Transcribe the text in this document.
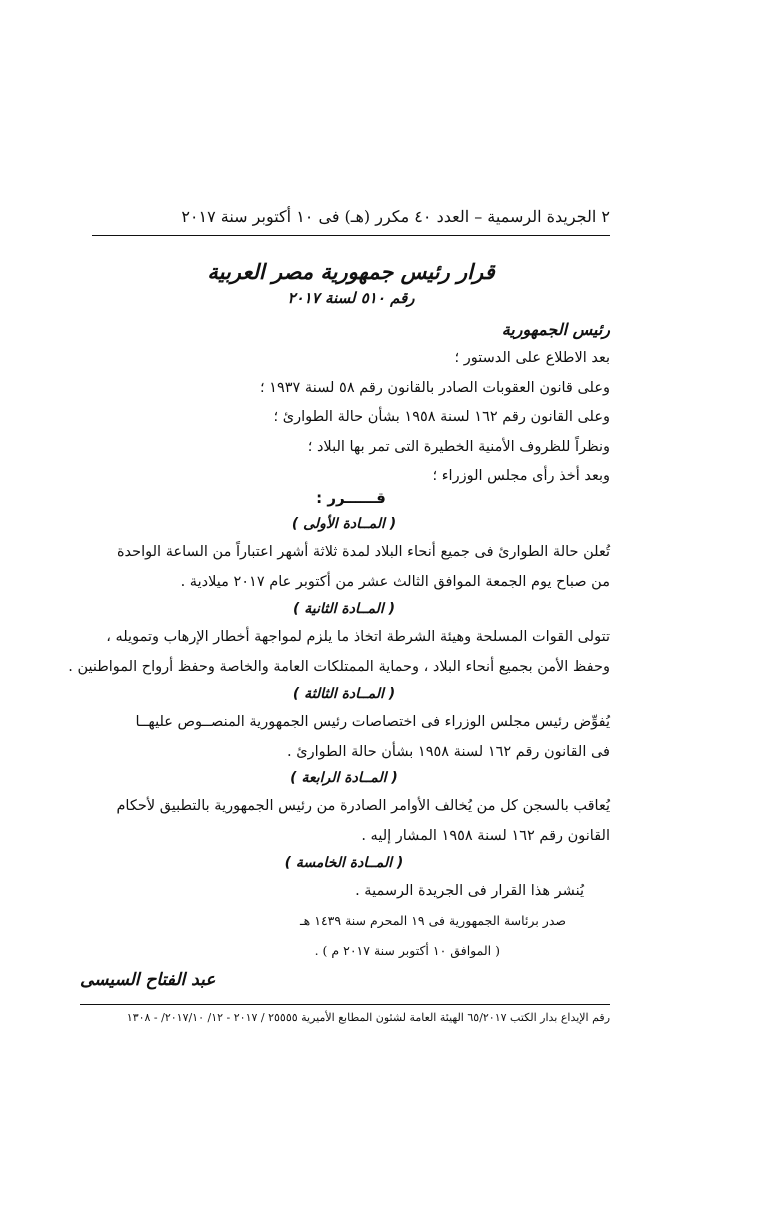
٢ الجريدة الرسمية – العدد ٤٠ مكرر (هـ) فى ١٠ أكتوبر سنة ٢٠١٧
قرار رئيس جمهورية مصر العربية
رقم ٥١٠ لسنة ٢٠١٧
رئيس الجمهورية
بعد الاطلاع على الدستور ؛
وعلى قانون العقوبات الصادر بالقانون رقم ٥٨ لسنة ١٩٣٧ ؛
وعلى القانون رقم ١٦٢ لسنة ١٩٥٨ بشأن حالة الطوارئ ؛
ونظراً للظروف الأمنية الخطيرة التى تمر بها البلاد ؛
وبعد أخذ رأى مجلس الوزراء ؛
قــــــرر :
( المــادة الأولى )
تُعلن حالة الطوارئ فى جميع أنحاء البلاد لمدة ثلاثة أشهر اعتباراً من الساعة الواحدة
من صباح يوم الجمعة الموافق الثالث عشر من أكتوبر عام ٢٠١٧ ميلادية .
( المــادة الثانية )
تتولى القوات المسلحة وهيئة الشرطة اتخاذ ما يلزم لمواجهة أخطار الإرهاب وتمويله ،
وحفظ الأمن بجميع أنحاء البلاد ، وحماية الممتلكات العامة والخاصة وحفظ أرواح المواطنين .
( المــادة الثالثة )
يُفوِّض رئيس مجلس الوزراء فى اختصاصات رئيس الجمهورية المنصــوص عليهــا
فى القانون رقم ١٦٢ لسنة ١٩٥٨ بشأن حالة الطوارئ .
( المــادة الرابعة )
يُعاقب بالسجن كل من يُخالف الأوامر الصادرة من رئيس الجمهورية بالتطبيق لأحكام
القانون رقم ١٦٢ لسنة ١٩٥٨ المشار إليه .
( المــادة الخامسة )
يُنشر هذا القرار فى الجريدة الرسمية .
صدر برئاسة الجمهورية فى ١٩ المحرم سنة ١٤٣٩ هـ
( الموافق ١٠ أكتوبر سنة ٢٠١٧ م ) .
عبد الفتاح السيسى
رقم الإيداع بدار الكتب ٦٥/٢٠١٧ الهيئة العامة لشئون المطابع الأميرية ٢٥٥٥٥ / ٢٠١٧ - ١٢/ ٢٠١٧/١٠/ - ١٣٠٨
